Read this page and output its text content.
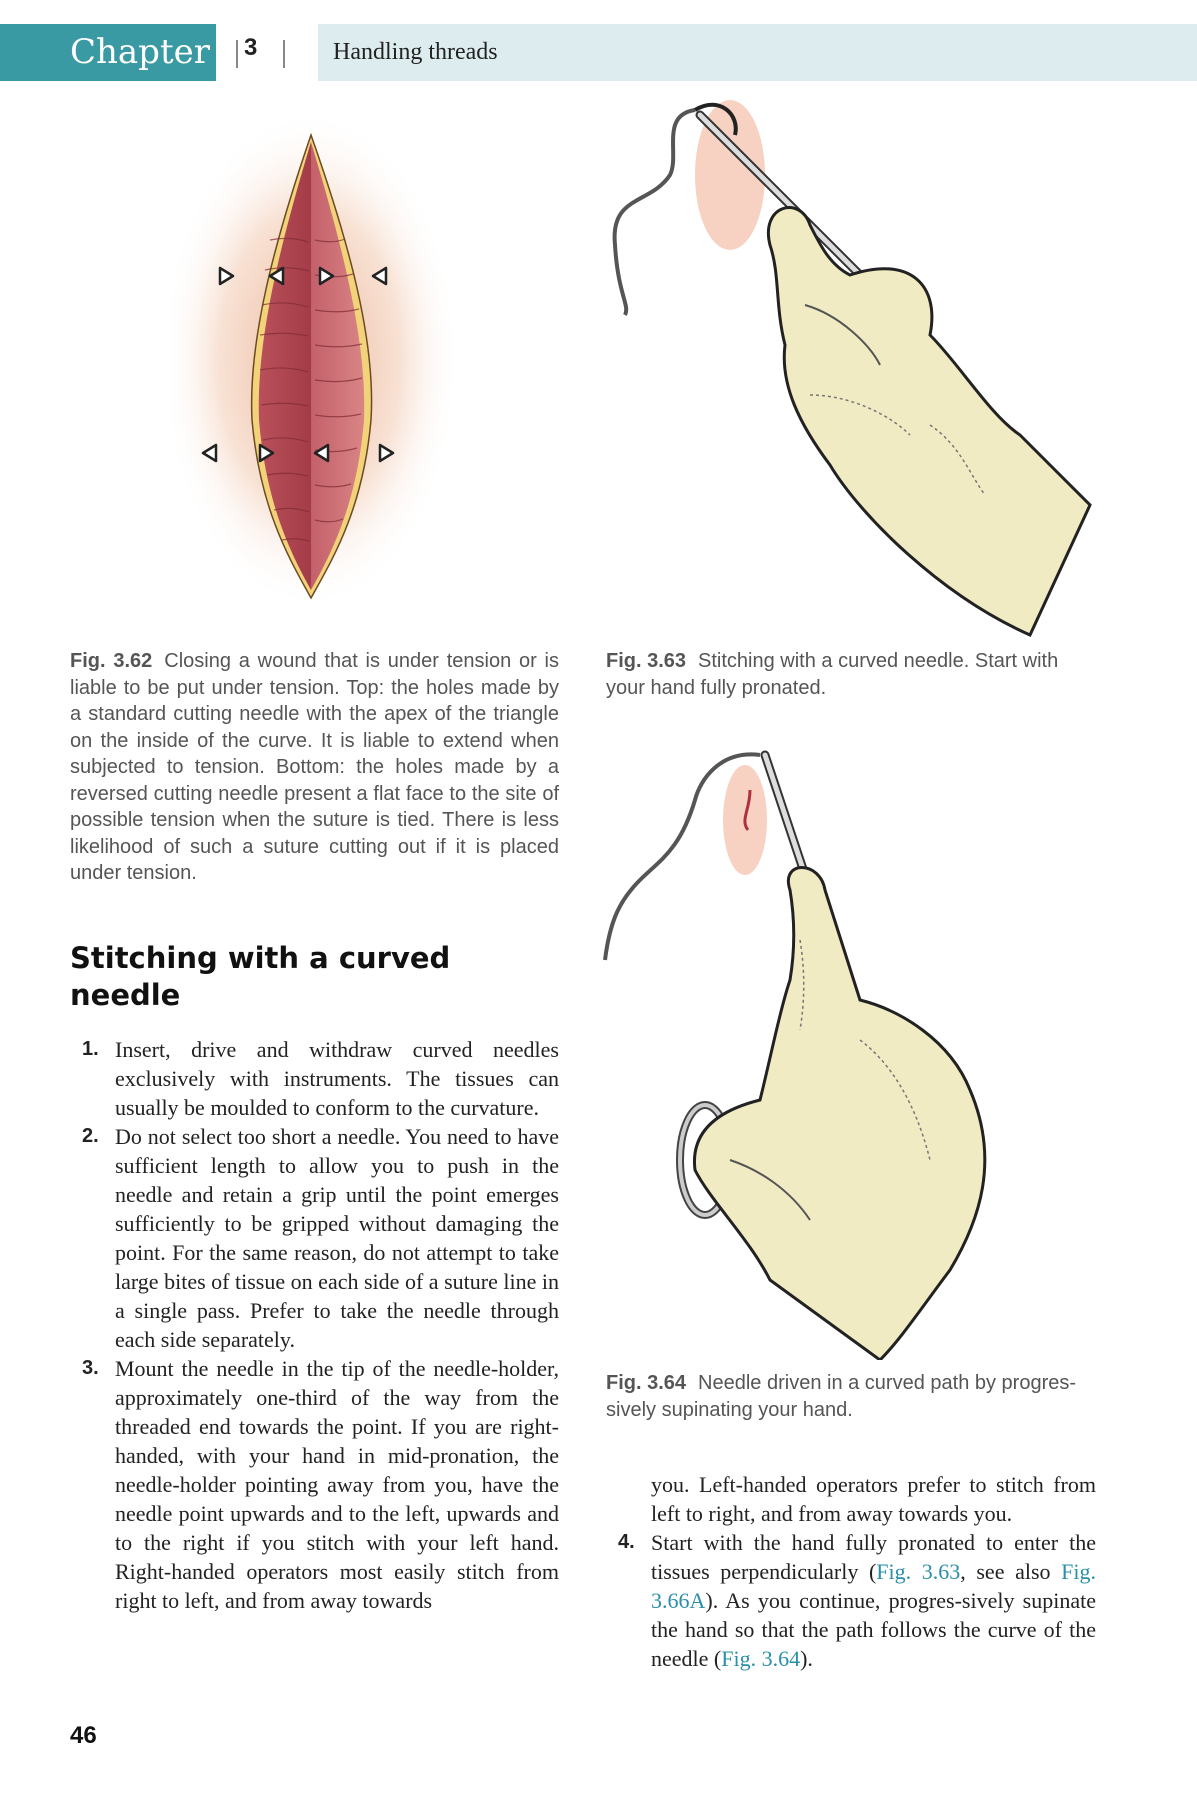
Chapter 3	Handling threads
Fig. 3.62 Closing a wound that is under tension or is liable to be put under tension. Top: the holes made by a standard cutting needle with the apex of the triangle on the inside of the curve. It is liable to extend when subjected to tension. Bottom: the holes made by a reversed cutting needle present a flat face to the site of possible tension when the suture is tied. There is less likelihood of such a suture cutting out if it is placed under tension.
Fig. 3.63 Stitching with a curved needle. Start with your hand fully pronated.
Fig. 3.64 Needle driven in a curved path by progres-sively supinating your hand.
Stitching with a curved needle
1. Insert, drive and withdraw curved needles exclusively with instruments. The tissues can usually be moulded to conform to the curvature.
2. Do not select too short a needle. You need to have sufficient length to allow you to push in the needle and retain a grip until the point emerges sufficiently to be gripped without damaging the point. For the same reason, do not attempt to take large bites of tissue on each side of a suture line in a single pass. Prefer to take the needle through each side separately.
3. Mount the needle in the tip of the needle-holder, approximately one-third of the way from the threaded end towards the point. If you are right-handed, with your hand in mid-pronation, the needle-holder pointing away from you, have the needle point upwards and to the left, upwards and to the right if you stitch with your left hand. Right-handed operators most easily stitch from right to left, and from away towards
you. Left-handed operators prefer to stitch from left to right, and from away towards you.
4. Start with the hand fully pronated to enter the tissues perpendicularly (Fig. 3.63, see also Fig. 3.66A). As you continue, progres-sively supinate the hand so that the path follows the curve of the needle (Fig. 3.64).
46
